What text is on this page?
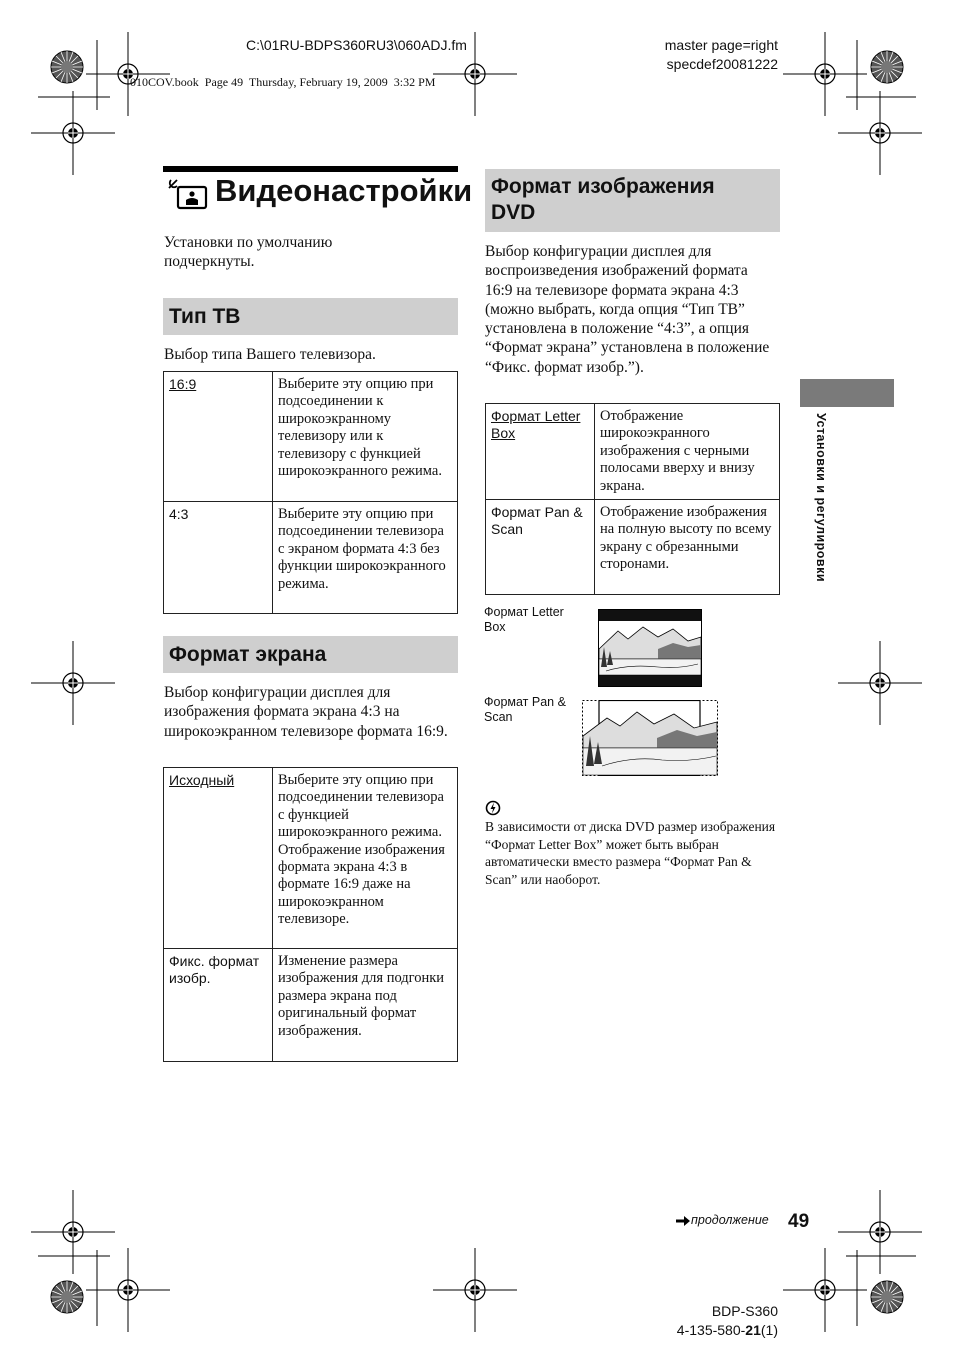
C:\01RU-BDPS360RU3\060ADJ.fm
010COV.book  Page 49  Thursday, February 19, 2009  3:32 PM
master page=right
specdef20081222
Видеонастройки
Установки по умолчанию подчеркнуты.
Тип ТВ
Выбор типа Вашего телевизора.
16:9	Выберите эту опцию при подсоединении к широкоэкранному телевизору или к телевизору с функцией широкоэкранного режима.
4:3	Выберите эту опцию при подсоединении телевизора с экраном формата 4:3 без функции широкоэкранного режима.
Формат экрана
Выбор конфигурации дисплея для изображения формата экрана 4:3 на широкоэкранном телевизоре формата 16:9.
Исходный	Выберите эту опцию при подсоединении телевизора с функцией широкоэкранного режима. Отображение изображения формата экрана 4:3 в формате 16:9 даже на широкоэкранном телевизоре.
Фикс. формат изобр.	Изменение размера изображения для подгонки размера экрана под оригинальный формат изображения.
Формат изображения DVD
Выбор конфигурации дисплея для воспроизведения изображений формата 16:9 на телевизоре формата экрана 4:3 (можно выбрать, когда опция “Тип ТВ” установлена в положение “4:3”, а опция “Формат экрана” установлена в положение “Фикс. формат изобр.”).
Формат Letter Box	Отображение широкоэкранного изображения с черными полосами вверху и внизу экрана.
Формат Pan & Scan	Отображение изображения на полную высоту по всему экрану с обрезанными сторонами.
Формат Letter Box
Формат Pan & Scan
В зависимости от диска DVD размер изображения “Формат Letter Box” может быть выбран автоматически вместо размера “Формат Pan & Scan” или наоборот.
Установки и регулировки
продолжение 49
BDP-S360
4-135-580-21(1)
